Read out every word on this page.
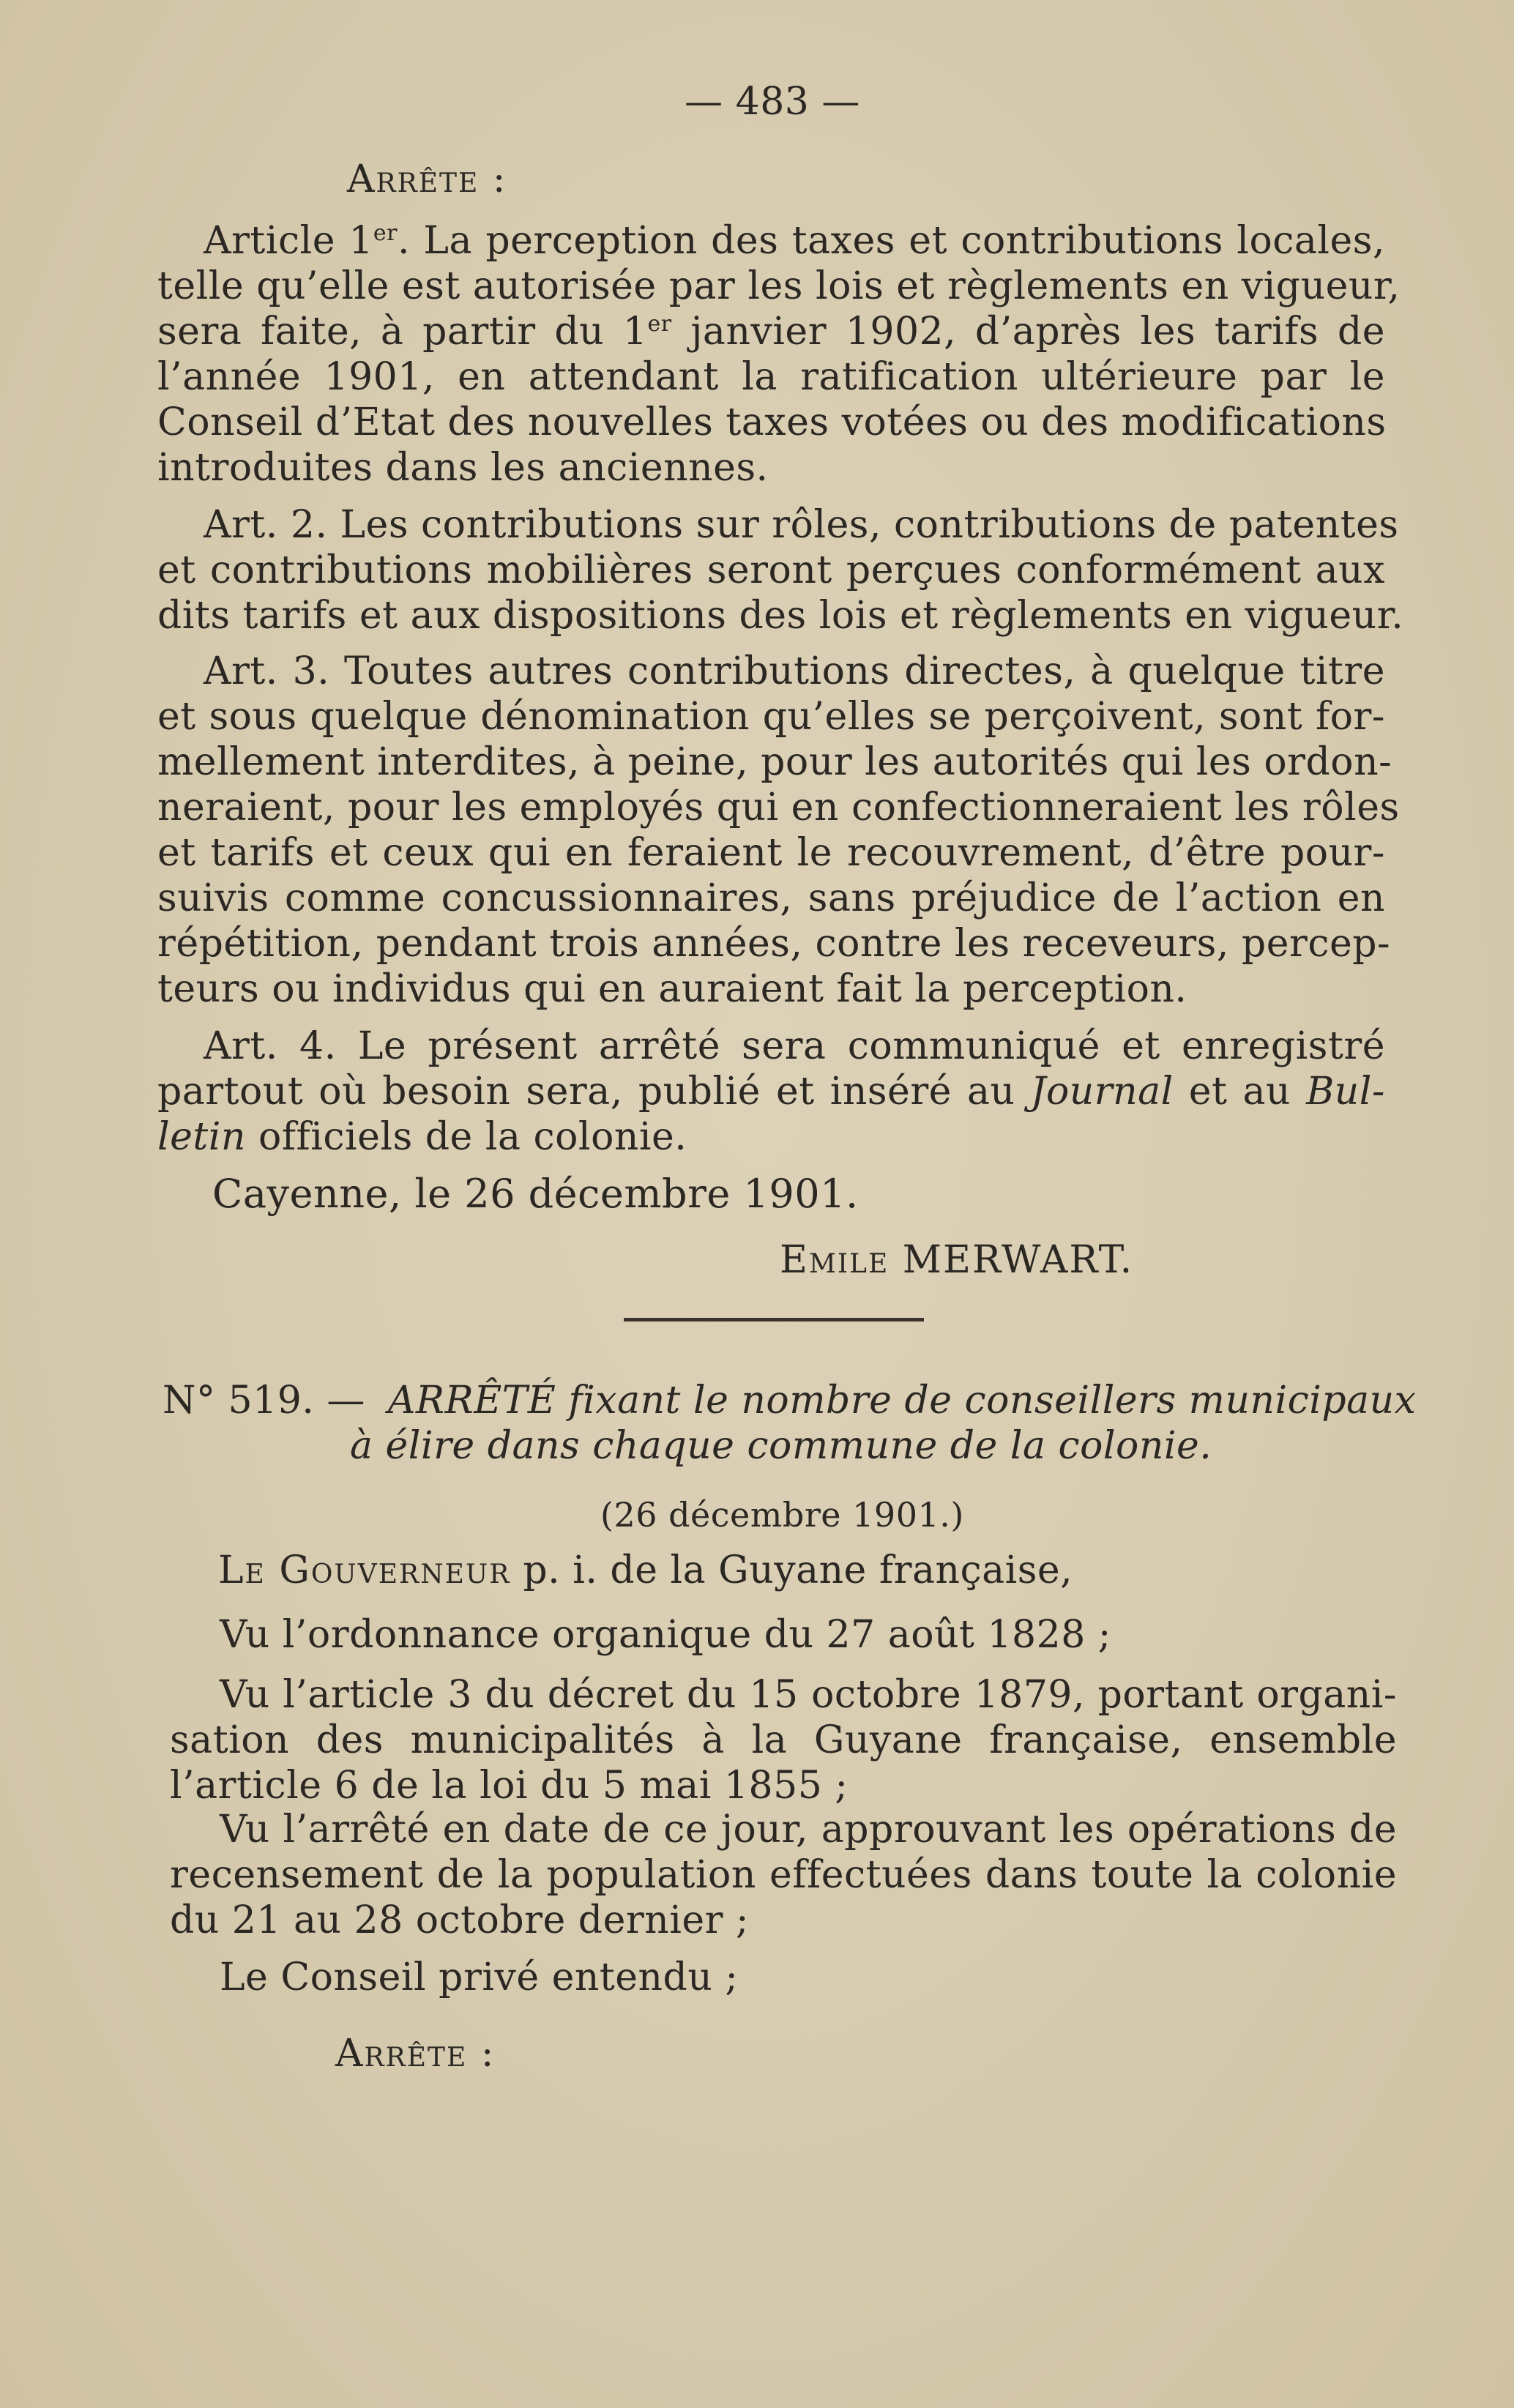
— 483 —
Arrête :
Article 1er. La perception des taxes et contributions locales,
telle qu’elle est autorisée par les lois et règlements en vigueur,
sera faite, à partir du 1er janvier 1902, d’après les tarifs de
l’année 1901, en attendant la ratification ultérieure par le
Conseil d’Etat des nouvelles taxes votées ou des modifications
introduites dans les anciennes.
Art. 2. Les contributions sur rôles, contributions de patentes
et contributions mobilières seront perçues conformément aux
dits tarifs et aux dispositions des lois et règlements en vigueur.
Art. 3. Toutes autres contributions directes, à quelque titre
et sous quelque dénomination qu’elles se perçoivent, sont for-
mellement interdites, à peine, pour les autorités qui les ordon-
neraient, pour les employés qui en confectionneraient les rôles
et tarifs et ceux qui en feraient le recouvrement, d’être pour-
suivis comme concussionnaires, sans préjudice de l’action en
répétition, pendant trois années, contre les receveurs, percep-
teurs ou individus qui en auraient fait la perception.
Art. 4. Le présent arrêté sera communiqué et enregistré
partout où besoin sera, publié et inséré au Journal et au Bul-
letin officiels de la colonie.
Cayenne, le 26 décembre 1901.
Emile MERWART.
N° 519. — ARRÊTÉ fixant le nombre de conseillers municipaux
à élire dans chaque commune de la colonie.
(26 décembre 1901.)
Le Gouverneur p. i. de la Guyane française,
Vu l’ordonnance organique du 27 août 1828 ;
Vu l’article 3 du décret du 15 octobre 1879, portant organi-
sation des municipalités à la Guyane française, ensemble
l’article 6 de la loi du 5 mai 1855 ;
Vu l’arrêté en date de ce jour, approuvant les opérations de
recensement de la population effectuées dans toute la colonie
du 21 au 28 octobre dernier ;
Le Conseil privé entendu ;
Arrête :
